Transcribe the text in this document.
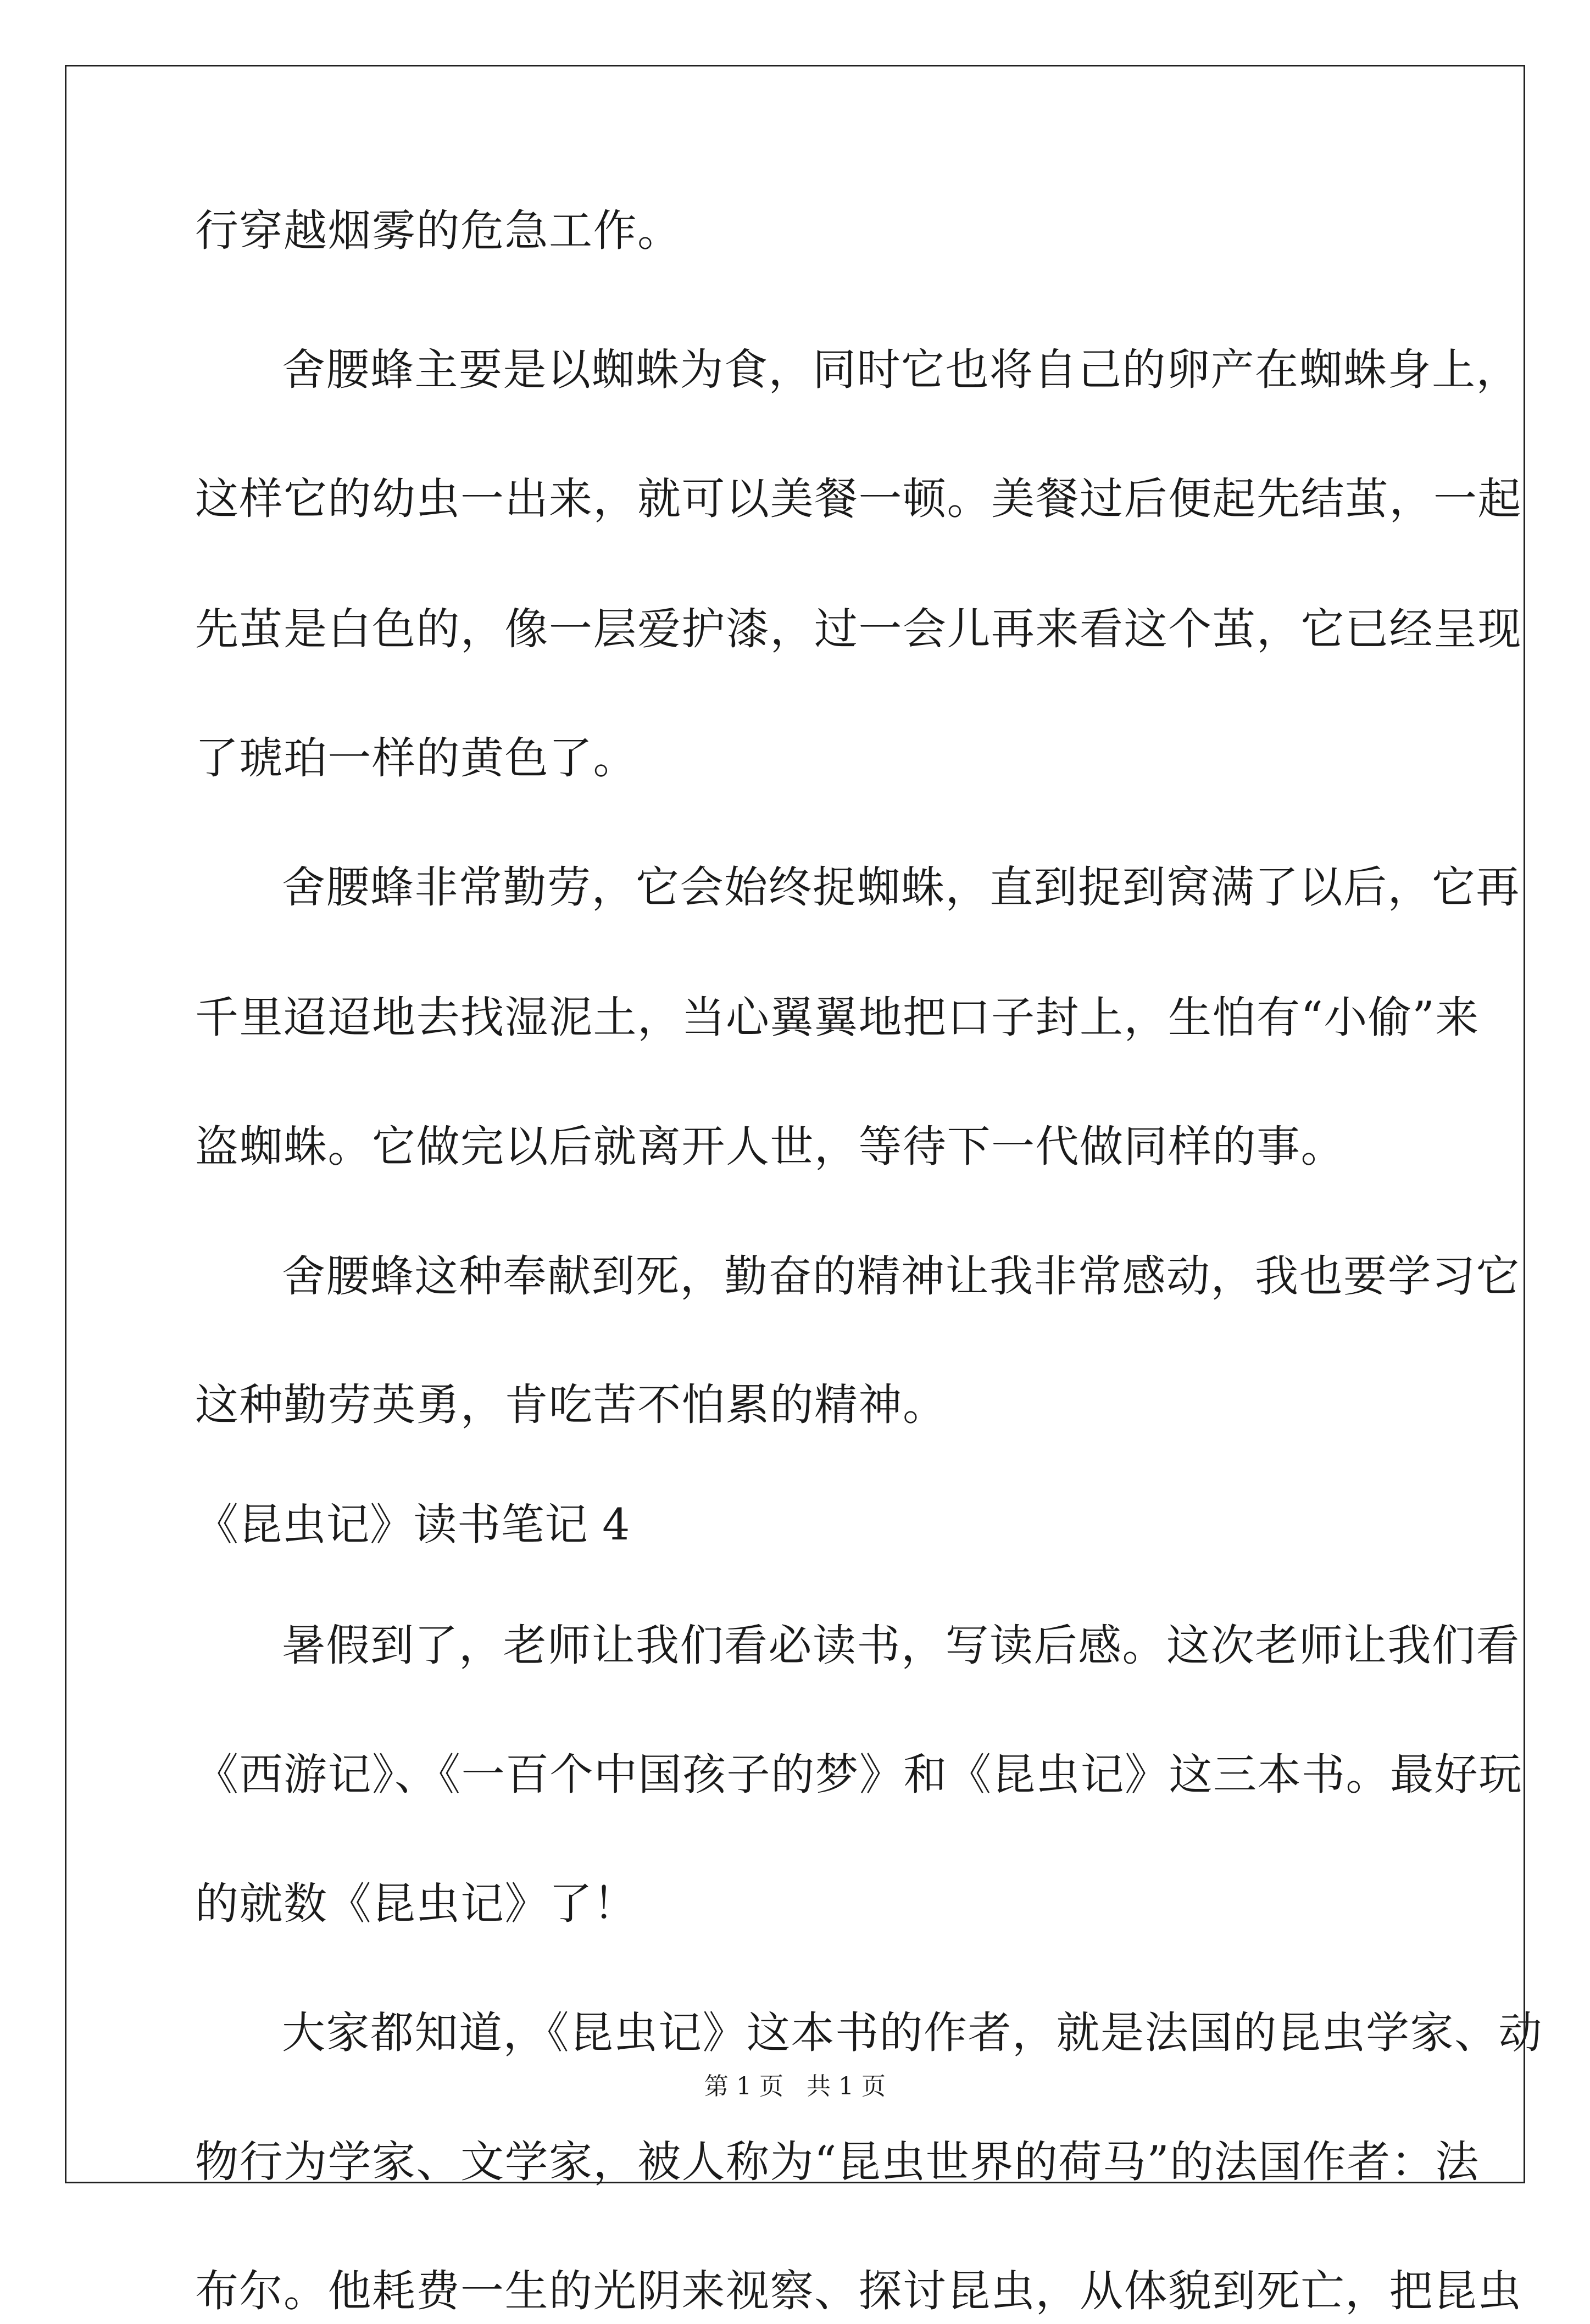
行穿越烟雾的危急工作。
舍腰蜂主要是以蜘蛛为食，同时它也将自己的卵产在蜘蛛身上，
这样它的幼虫一出来，就可以美餐一顿。美餐过后便起先结茧，一起
先茧是白色的，像一层爱护漆，过一会儿再来看这个茧，它已经呈现
了琥珀一样的黄色了。
舍腰蜂非常勤劳，它会始终捉蜘蛛，直到捉到窝满了以后，它再
千里迢迢地去找湿泥土，当心翼翼地把口子封上，生怕有“小偷”来
盗蜘蛛。它做完以后就离开人世，等待下一代做同样的事。
舍腰蜂这种奉献到死，勤奋的精神让我非常感动，我也要学习它
这种勤劳英勇，肯吃苦不怕累的精神。
《昆虫记》读书笔记 4
暑假到了，老师让我们看必读书，写读后感。这次老师让我们看
《西游记》、《一百个中国孩子的梦》和《昆虫记》这三本书。最好玩
的就数《昆虫记》了！
大家都知道，《昆虫记》这本书的作者，就是法国的昆虫学家、动
物行为学家、文学家，被人称为“昆虫世界的荷马”的法国作者：法
布尔。他耗费一生的光阴来视察、探讨昆虫，从体貌到死亡，把昆虫
第 1 页 共 1 页
